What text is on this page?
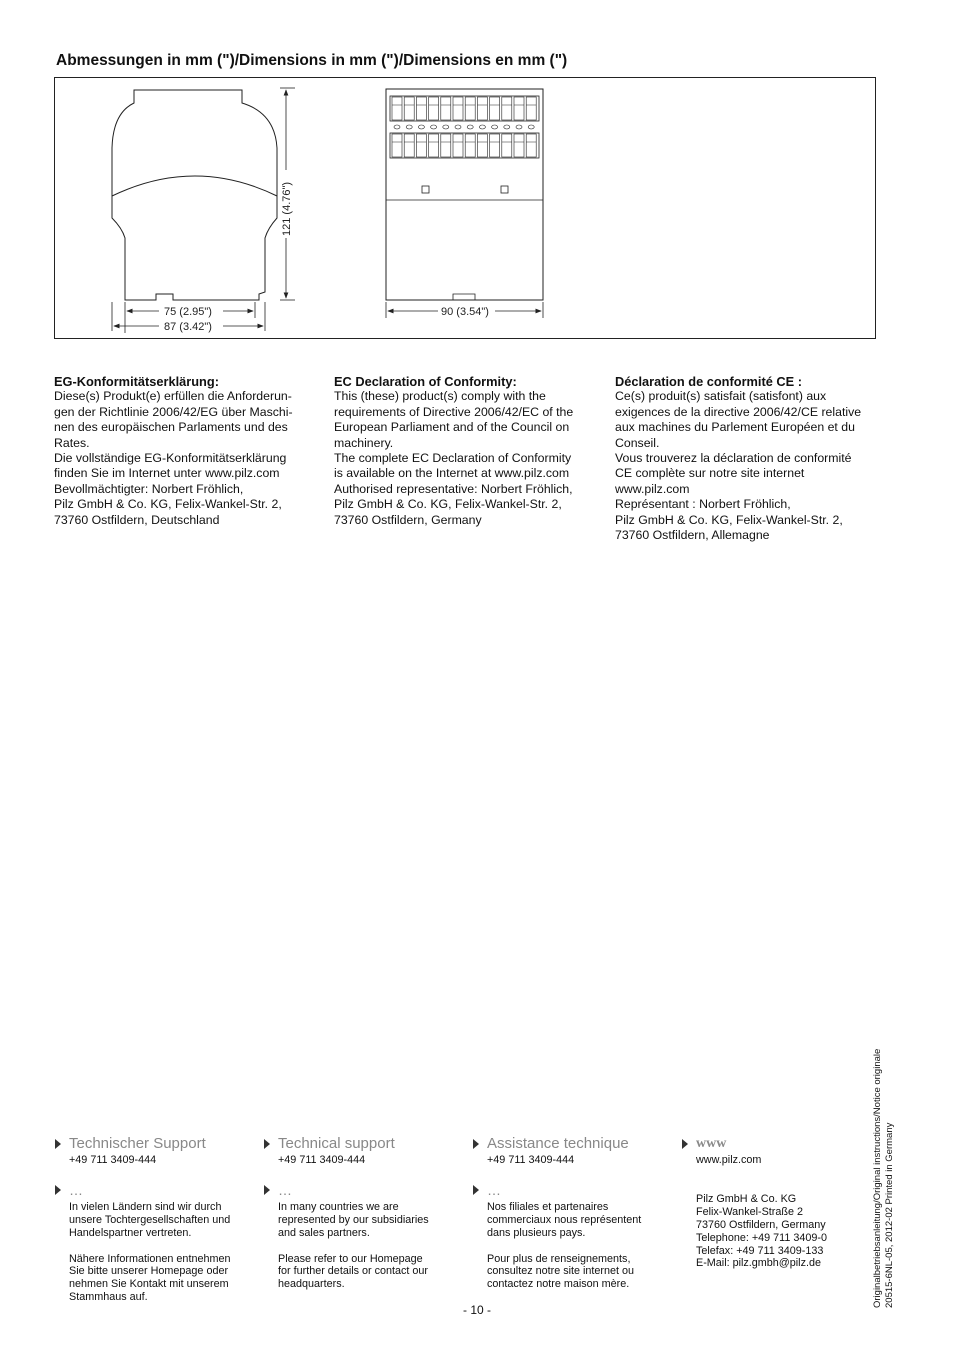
Abmessungen in mm (")/Dimensions in mm (")/Dimensions en mm (")
121 (4.76")
75 (2.95")
87 (3.42")
90 (3.54")
EG-Konformitätserklärung:

Diese(s) Produkt(e) erfüllen die Anforderun-

gen der Richtlinie 2006/42/EG über Maschi-

nen des europäischen Parlaments und des

Rates.

Die vollständige EG-Konformitätserklärung

finden Sie im Internet unter www.pilz.com

Bevollmächtigter: Norbert Fröhlich,

Pilz GmbH & Co. KG, Felix-Wankel-Str. 2,

73760 Ostfildern, Deutschland

EC Declaration of Conformity:

This (these) product(s) comply with the

requirements of Directive 2006/42/EC of the

European Parliament and of the Council on

machinery.

The complete EC Declaration of Conformity

is available on the Internet at www.pilz.com

Authorised representative: Norbert Fröhlich,

Pilz GmbH & Co. KG, Felix-Wankel-Str. 2,

73760 Ostfildern, Germany

Déclaration de conformité CE :

Ce(s) produit(s) satisfait (satisfont) aux

exigences de la directive 2006/42/CE relative

aux machines du Parlement Européen et du

Conseil.

Vous trouverez la déclaration de conformité

CE complète sur notre site internet

www.pilz.com

Représentant : Norbert Fröhlich,

Pilz GmbH & Co. KG, Felix-Wankel-Str. 2,

73760 Ostfildern, Allemagne

Technischer Support
+49 711 3409-444
…

In vielen Ländern sind wir durch
unsere Tochtergesellschaften und
Handelspartner vertreten.

Nähere Informationen entnehmen
Sie bitte unserer Homepage oder
nehmen Sie Kontakt mit unserem
Stammhaus auf.

Technical support
+49 711 3409-444
…

In many countries we are
represented by our subsidiaries
and sales partners.

Please refer to our Homepage
for further details or contact our
headquarters.

Assistance technique
+49 711 3409-444
…

Nos filiales et partenaires
commerciaux nous représentent
dans plusieurs pays.

Pour plus de renseignements,
consultez notre site internet ou
contactez notre maison mère.

www
www.pilz.com

Pilz GmbH & Co. KG
Felix-Wankel-Straße 2
73760 Ostfildern, Germany
Telephone: +49 711 3409-0
Telefax: +49 711 3409-133
E-Mail: pilz.gmbh@pilz.de	Originalbetriebsanleitung/Original instructions/Notice originale 20515-6NL-05, 2012-02 Printed in Germany
- 10 -
